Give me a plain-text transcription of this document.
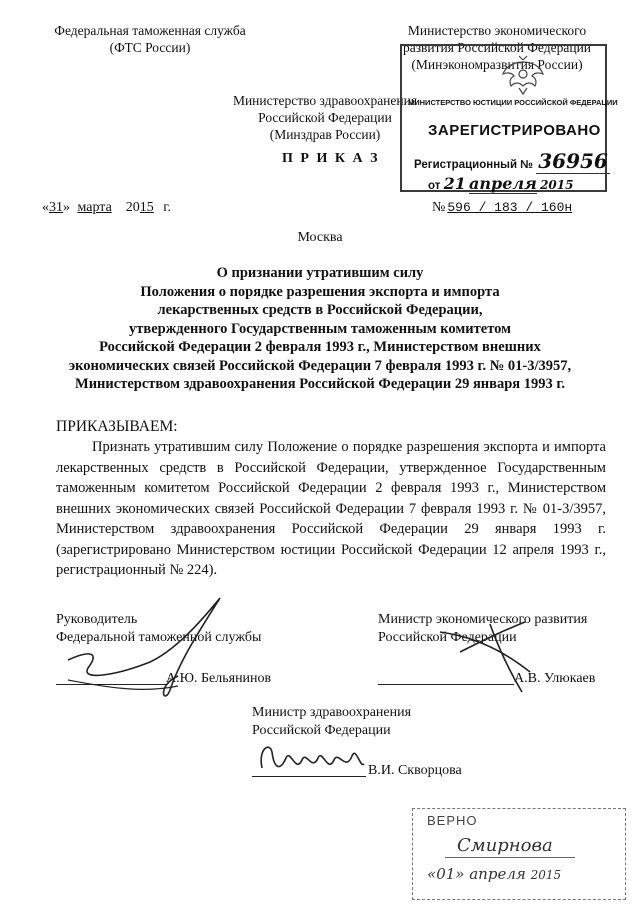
Федеральная таможенная служба
(ФТС России)
Министерство экономического
развития Российской Федерации
(Минэкономразвития России)
Министерство здравоохранения
Российской Федерации
(Минздрав России)
П Р И К А З
МИНИСТЕРСТВО ЮСТИЦИИ РОССИЙСКОЙ ФЕДЕРАЦИИ
ЗАРЕГИСТРИРОВАНО
Регистрационный № 36956
от 21 апреля 2015
«31» марта 2015 г.	№ 596 / 183 / 160н
Москва
О признании утратившим силу
Положения о порядке разрешения экспорта и импорта
лекарственных средств в Российской Федерации,
утвержденного Государственным таможенным комитетом
Российской Федерации 2 февраля 1993 г., Министерством внешних
экономических связей Российской Федерации 7 февраля 1993 г. № 01-3/3957,
Министерством здравоохранения Российской Федерации 29 января 1993 г.
ПРИКАЗЫВАЕМ:
Признать утратившим силу Положение о порядке разрешения экспорта и импорта лекарственных средств в Российской Федерации, утвержденное Государственным таможенным комитетом Российской Федерации 2 февраля 1993 г., Министерством внешних экономических связей Российской Федерации 7 февраля 1993 г. № 01-3/3957, Министерством здравоохранения Российской Федерации 29 января 1993 г. (зарегистрировано Министерством юстиции Российской Федерации 12 апреля 1993 г., регистрационный № 224).
Руководитель
Федеральной таможенной службы
А.Ю. Бельянинов
Министр экономического развития
Российской Федерации
А.В. Улюкаев
Министр здравоохранения
Российской Федерации
В.И. Скворцова
ВЕРНО
Смирнова
«01» апреля 2015
